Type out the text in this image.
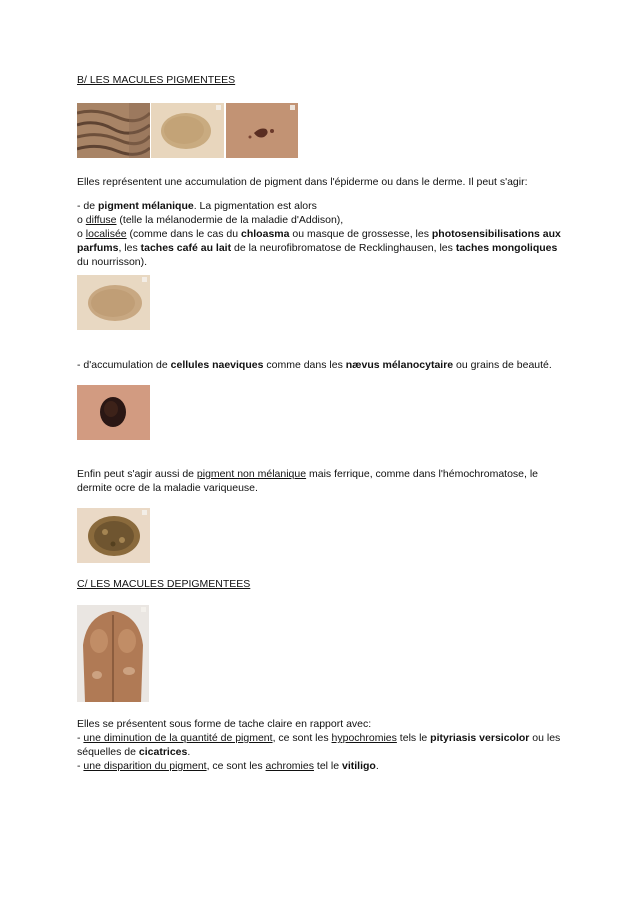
B/ LES MACULES PIGMENTEES
Elles représentent une accumulation de pigment dans l'épiderme ou dans le derme. Il peut s'agir:
- de pigment mélanique. La pigmentation est alors
o diffuse (telle la mélanodermie de la maladie d'Addison),
o localisée (comme dans le cas du chloasma ou masque de grossesse, les photosensibilisations aux parfums, les taches café au lait de la neurofibromatose de Recklinghausen, les taches mongoliques du nourrisson).
- d'accumulation de cellules naeviques comme dans les nævus mélanocytaire ou grains de beauté.
Enfin peut s'agir aussi de pigment non mélanique mais ferrique, comme dans l'hémochromatose, le dermite ocre de la maladie variqueuse.
C/ LES MACULES DEPIGMENTEES
Elles se présentent sous forme de tache claire en rapport avec:
- une diminution de la quantité de pigment, ce sont les hypochromies tels le pityriasis versicolor ou les séquelles de cicatrices.
- une disparition du pigment, ce sont les achromies tel le vitiligo.
